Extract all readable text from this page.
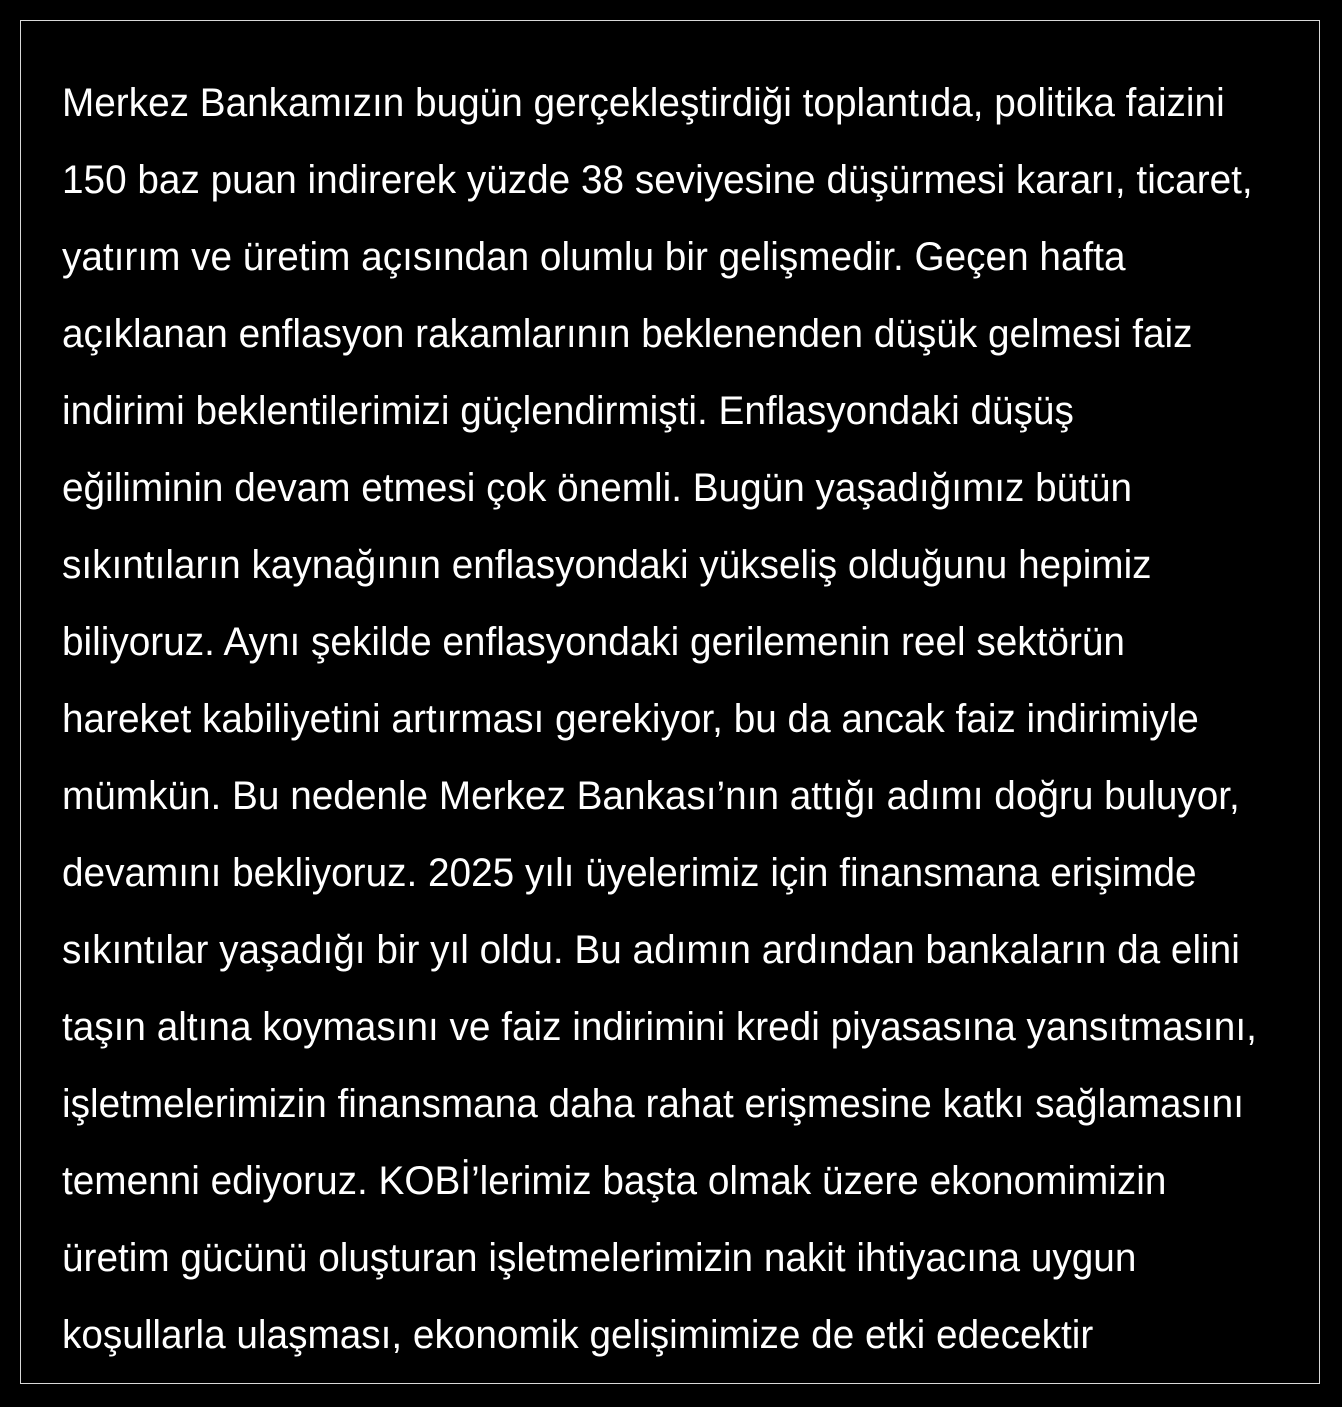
Merkez Bankamızın bugün gerçekleştirdiği toplantıda, politika faizini
150 baz puan indirerek yüzde 38 seviyesine düşürmesi kararı, ticaret,
yatırım ve üretim açısından olumlu bir gelişmedir. Geçen hafta
açıklanan enflasyon rakamlarının beklenenden düşük gelmesi faiz
indirimi beklentilerimizi güçlendirmişti. Enflasyondaki düşüş
eğiliminin devam etmesi çok önemli. Bugün yaşadığımız bütün
sıkıntıların kaynağının enflasyondaki yükseliş olduğunu hepimiz
biliyoruz. Aynı şekilde enflasyondaki gerilemenin reel sektörün
hareket kabiliyetini artırması gerekiyor, bu da ancak faiz indirimiyle
mümkün. Bu nedenle Merkez Bankası’nın attığı adımı doğru buluyor,
devamını bekliyoruz. 2025 yılı üyelerimiz için finansmana erişimde
sıkıntılar yaşadığı bir yıl oldu. Bu adımın ardından bankaların da elini
taşın altına koymasını ve faiz indirimini kredi piyasasına yansıtmasını,
işletmelerimizin finansmana daha rahat erişmesine katkı sağlamasını
temenni ediyoruz. KOBİ’lerimiz başta olmak üzere ekonomimizin
üretim gücünü oluşturan işletmelerimizin nakit ihtiyacına uygun
koşullarla ulaşması, ekonomik gelişimimize de etki edecektir
